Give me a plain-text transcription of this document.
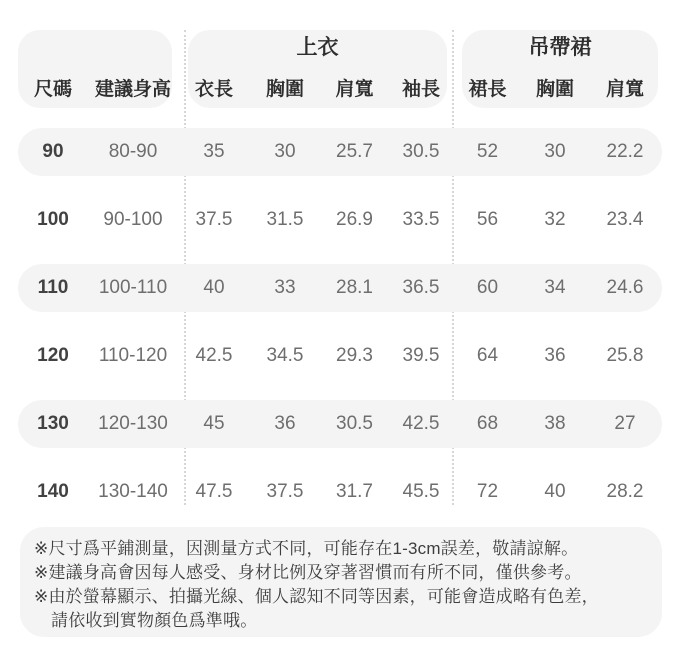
上衣	吊帶裙
尺碼	建議身高	衣長	胸圍	肩寬	袖長	裙長	胸圍	肩寬
90	80-90	35	30	25.7	30.5	52	30	22.2
100	90-100	37.5	31.5	26.9	33.5	56	32	23.4
110	100-110	40	33	28.1	36.5	60	34	24.6
120	110-120	42.5	34.5	29.3	39.5	64	36	25.8
130	120-130	45	36	30.5	42.5	68	38	27
140	130-140	47.5	37.5	31.7	45.5	72	40	28.2
※尺寸爲平鋪測量，因測量方式不同，可能存在1-3cm誤差，敬請諒解。
※建議身高會因每人感受、身材比例及穿著習慣而有所不同，僅供參考。
※由於螢幕顯示、拍攝光線、個人認知不同等因素，可能會造成略有色差，
請依收到實物顏色爲準哦。
